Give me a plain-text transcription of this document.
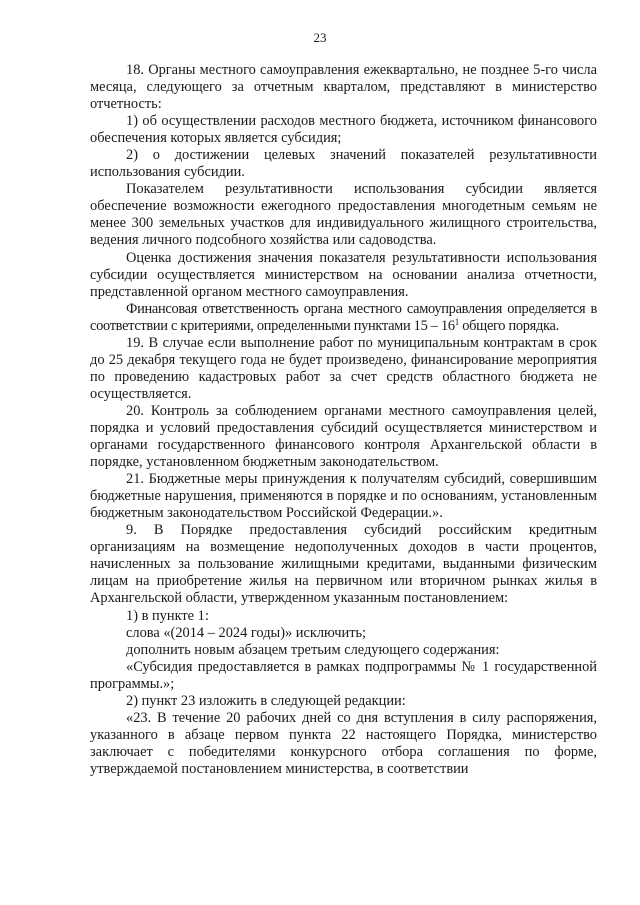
23

18. Органы местного самоуправления ежеквартально, не позднее 5-го числа месяца, следующего за отчетным кварталом, представляют в министерство отчетность:

1) об осуществлении расходов местного бюджета, источником финансового обеспечения которых является субсидия;

2) о достижении целевых значений показателей результативности использования субсидии.

Показателем результативности использования субсидии является обеспечение возможности ежегодного предоставления многодетным семьям не менее 300 земельных участков для индивидуального жилищного строительства, ведения личного подсобного хозяйства или садоводства.

Оценка достижения значения показателя результативности использования субсидии осуществляется министерством на основании анализа отчетности, представленной органом местного самоуправления.

Финансовая ответственность органа местного самоуправления определяется в соответствии с критериями, определенными пунктами $15 - 16^1$ общего порядка.

19. В случае если выполнение работ по муниципальным контрактам в срок до 25 декабря текущего года не будет произведено, финансирование мероприятия по проведению кадастровых работ за счет средств областного бюджета не осуществляется.

20. Контроль за соблюдением органами местного самоуправления целей, порядка и условий предоставления субсидий осуществляется министерством и органами государственного финансового контроля Архангельской области в порядке, установленном бюджетным законодательством.

21. Бюджетные меры принуждения к получателям субсидий, совершившим бюджетные нарушения, применяются в порядке и по основаниям, установленным бюджетным законодательством Российской Федерации.».

9. В Порядке предоставления субсидий российским кредитным организациям на возмещение недополученных доходов в части процентов, начисленных за пользование жилищными кредитами, выданными физическим лицам на приобретение жилья на первичном или вторичном рынках жилья в Архангельской области, утвержденном указанным постановлением:

1) в пункте 1:

слова «(2014 – 2024 годы)» исключить;

дополнить новым абзацем третьим следующего содержания:

«Субсидия предоставляется в рамках подпрограммы № 1 государственной программы.»;

2) пункт 23 изложить в следующей редакции:

«23. В течение 20 рабочих дней со дня вступления в силу распоряжения, указанного в абзаце первом пункта 22 настоящего Порядка, министерство заключает с победителями конкурсного отбора соглашения по форме, утверждаемой постановлением министерства, в соответствии
